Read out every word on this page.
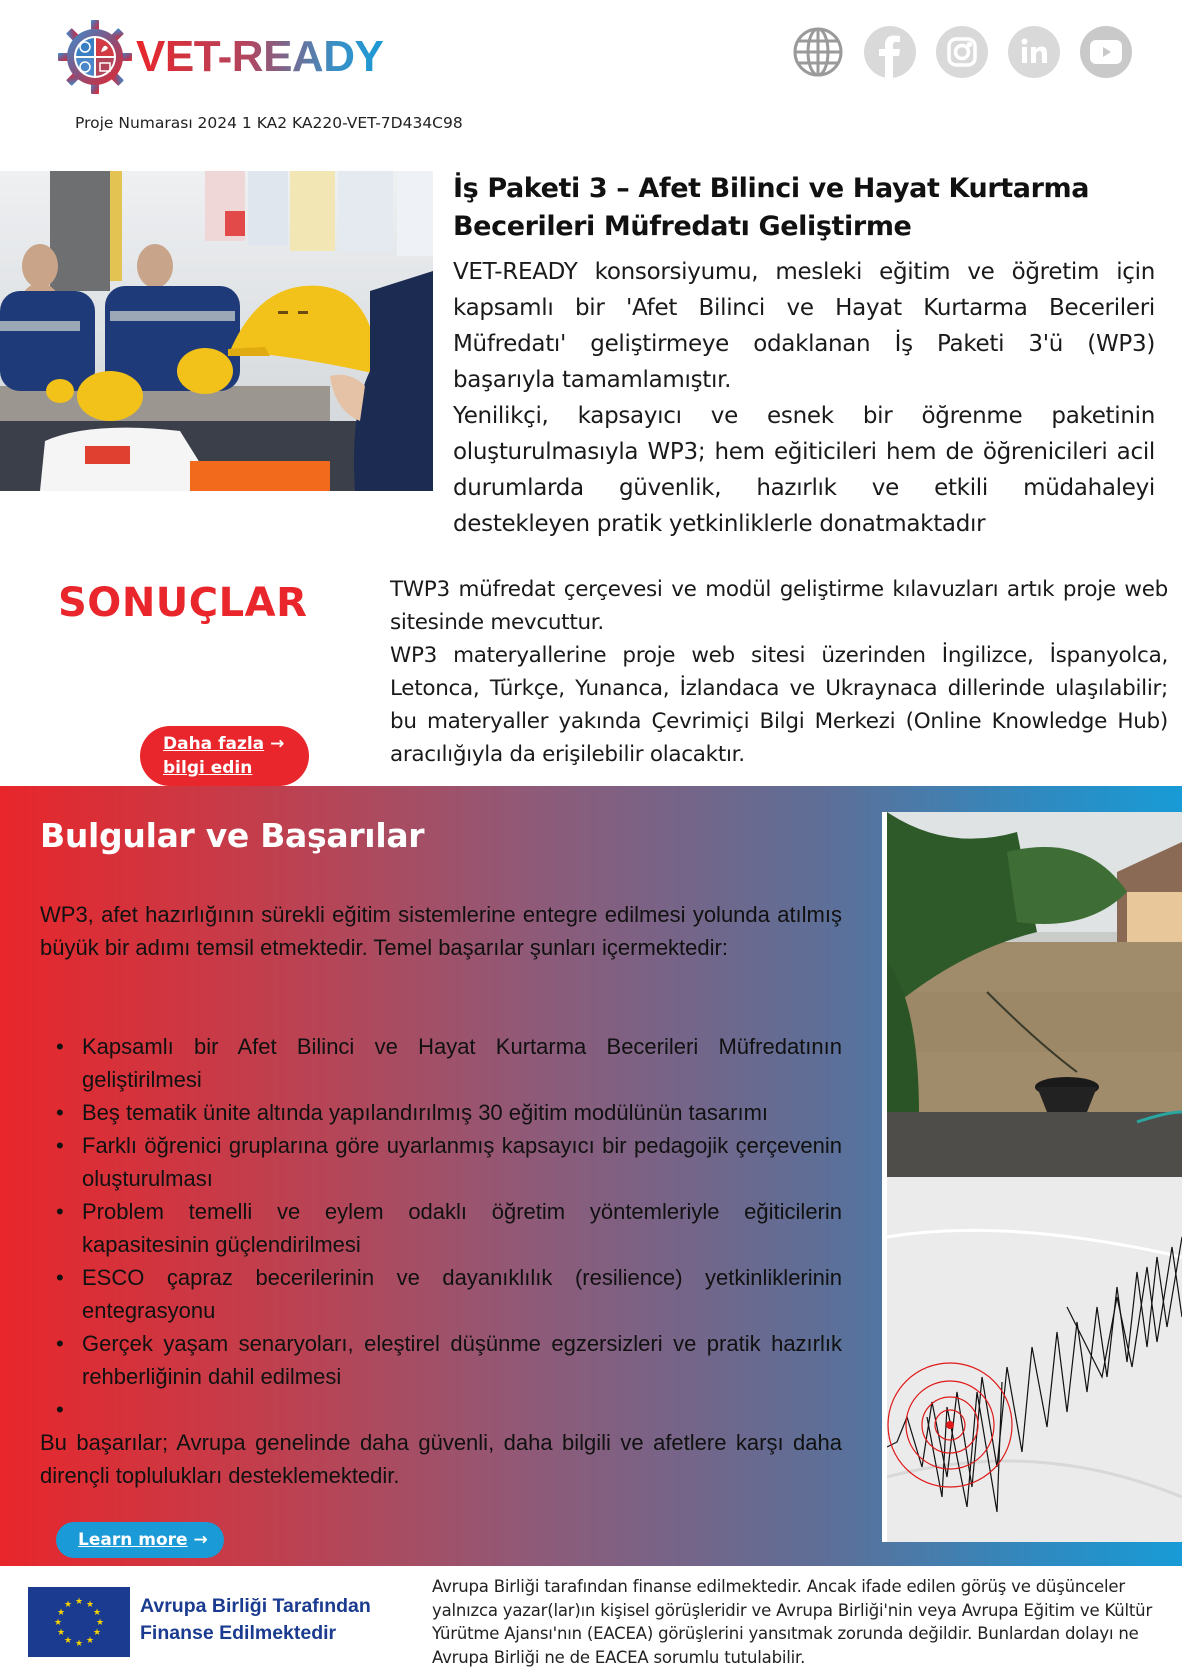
VET-READY
Proje Numarası 2024 1 KA2 KA220-VET-7D434C98
İş Paketi 3 – Afet Bilinci ve Hayat Kurtarma Becerileri Müfredatı Geliştirme

VET-READY konsorsiyumu, mesleki eğitim ve öğretim için kapsamlı bir 'Afet Bilinci ve Hayat Kurtarma Becerileri Müfredatı' geliştirmeye odaklanan İş Paketi 3'ü (WP3) başarıyla tamamlamıştır.

Yenilikçi, kapsayıcı ve esnek bir öğrenme paketinin oluşturulmasıyla WP3; hem eğiticileri hem de öğrenicileri acil durumlarda güvenlik, hazırlık ve etkili müdahaleyi destekleyen pratik yetkinliklerle donatmaktadır

SONUÇLAR	TWP3 müfredat çerçevesi ve modül geliştirme kılavuzları artık proje web sitesinde mevcuttur.

WP3 materyallerine proje web sitesi üzerinden İngilizce, İspanyolca, Letonca, Türkçe, Yunanca, İzlandaca ve Ukraynaca dillerinde ulaşılabilir; bu materyaller yakında Çevrimiçi Bilgi Merkezi (Online Knowledge Hub) aracılığıyla da erişilebilir olacaktır.

Daha fazla →
bilgi edin
Bulgular ve Başarılar
WP3, afet hazırlığının sürekli eğitim sistemlerine entegre edilmesi yolunda atılmış büyük bir adımı temsil etmektedir. Temel başarılar şunları içermektedir:
• Kapsamlı bir Afet Bilinci ve Hayat Kurtarma Becerileri Müfredatının geliştirilmesi
• Beş tematik ünite altında yapılandırılmış 30 eğitim modülünün tasarımı
• Farklı öğrenici gruplarına göre uyarlanmış kapsayıcı bir pedagojik çerçevenin oluşturulması
• Problem temelli ve eylem odaklı öğretim yöntemleriyle eğiticilerin kapasitesinin güçlendirilmesi
• ESCO çapraz becerilerinin ve dayanıklılık (resilience) yetkinliklerinin entegrasyonu
• Gerçek yaşam senaryoları, eleştirel düşünme egzersizleri ve pratik hazırlık rehberliğinin dahil edilmesi
•
Bu başarılar; Avrupa genelinde daha güvenli, daha bilgili ve afetlere karşı daha dirençli toplulukları desteklemektedir.
Learn more →
★ ★
★
★
★
★
★
★
★
★
★
★	Avrupa Birliği Tarafından
Finanse Edilmektedir
Avrupa Birliği tarafından finanse edilmektedir. Ancak ifade edilen görüş ve düşünceler yalnızca yazar(lar)ın kişisel görüşleridir ve Avrupa Birliği'nin veya Avrupa Eğitim ve Kültür Yürütme Ajansı'nın (EACEA) görüşlerini yansıtmak zorunda değildir. Bunlardan dolayı ne Avrupa Birliği ne de EACEA sorumlu tutulabilir.
